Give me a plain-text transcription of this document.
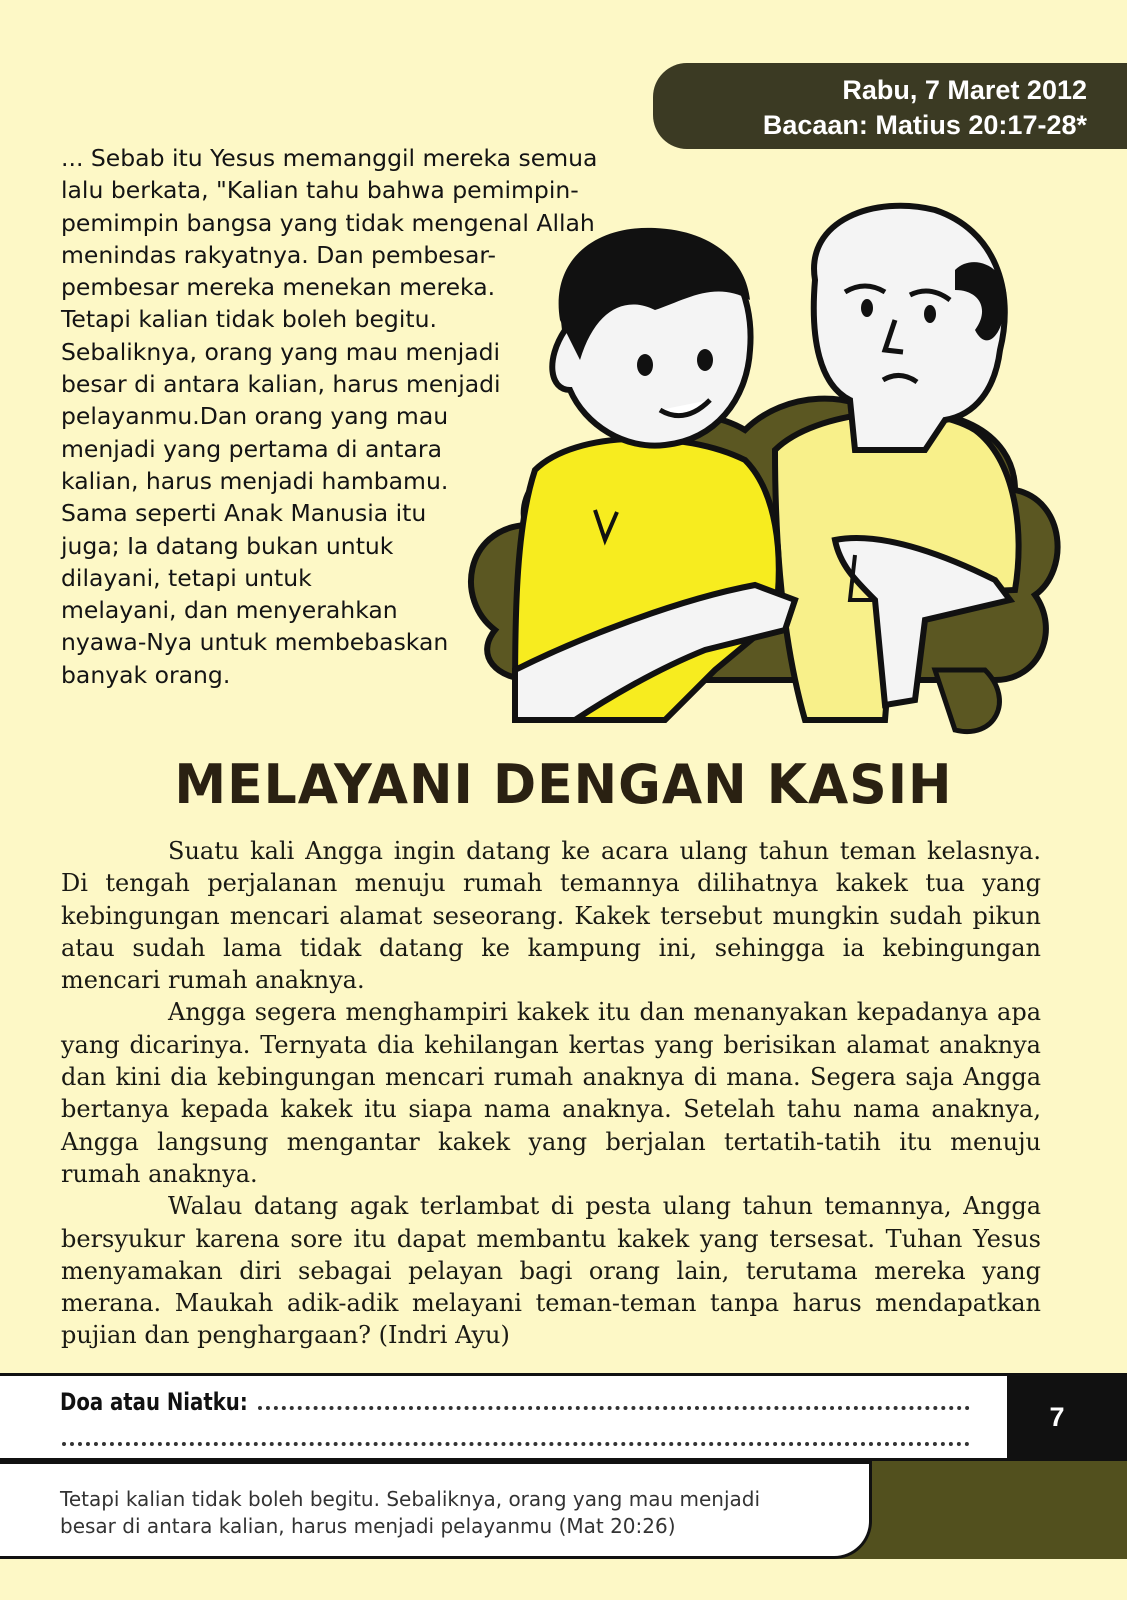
Rabu, 7 Maret 2012
Bacaan: Matius 20:17-28*
... Sebab itu Yesus memanggil mereka semua
lalu berkata, "Kalian tahu bahwa pemimpin-
pemimpin bangsa yang tidak mengenal Allah
menindas rakyatnya. Dan pembesar-
pembesar mereka menekan mereka.
Tetapi kalian tidak boleh begitu.
Sebaliknya, orang yang mau menjadi
besar di antara kalian, harus menjadi
pelayanmu.Dan orang yang mau
menjadi yang pertama di antara
kalian, harus menjadi hambamu.
Sama seperti Anak Manusia itu
juga; Ia datang bukan untuk
dilayani, tetapi untuk
melayani, dan menyerahkan
nyawa-Nya untuk membebaskan
banyak orang.
MELAYANI DENGAN KASIH

Suatu kali Angga ingin datang ke acara ulang tahun teman kelasnya. Di tengah perjalanan menuju rumah temannya dilihatnya kakek tua yang kebingungan mencari alamat seseorang. Kakek tersebut mungkin sudah pikun atau sudah lama tidak datang ke kampung ini, sehingga ia kebingungan mencari rumah anaknya.

Angga segera menghampiri kakek itu dan menanyakan kepadanya apa yang dicarinya. Ternyata dia kehilangan kertas yang berisikan alamat anaknya dan kini dia kebingungan mencari rumah anaknya di mana. Segera saja Angga bertanya kepada kakek itu siapa nama anaknya. Setelah tahu nama anaknya, Angga langsung mengantar kakek yang berjalan tertatih-tatih itu menuju rumah anaknya.

Walau datang agak terlambat di pesta ulang tahun temannya, Angga bersyukur karena sore itu dapat membantu kakek yang tersesat. Tuhan Yesus menyamakan diri sebagai pelayan bagi orang lain, terutama mereka yang merana. Maukah adik-adik melayani teman-teman tanpa harus mendapatkan pujian dan penghargaan? (Indri Ayu)

Doa atau Niatku:	7
Tetapi kalian tidak boleh begitu. Sebaliknya, orang yang mau menjadi
besar di antara kalian, harus menjadi pelayanmu (Mat 20:26)
